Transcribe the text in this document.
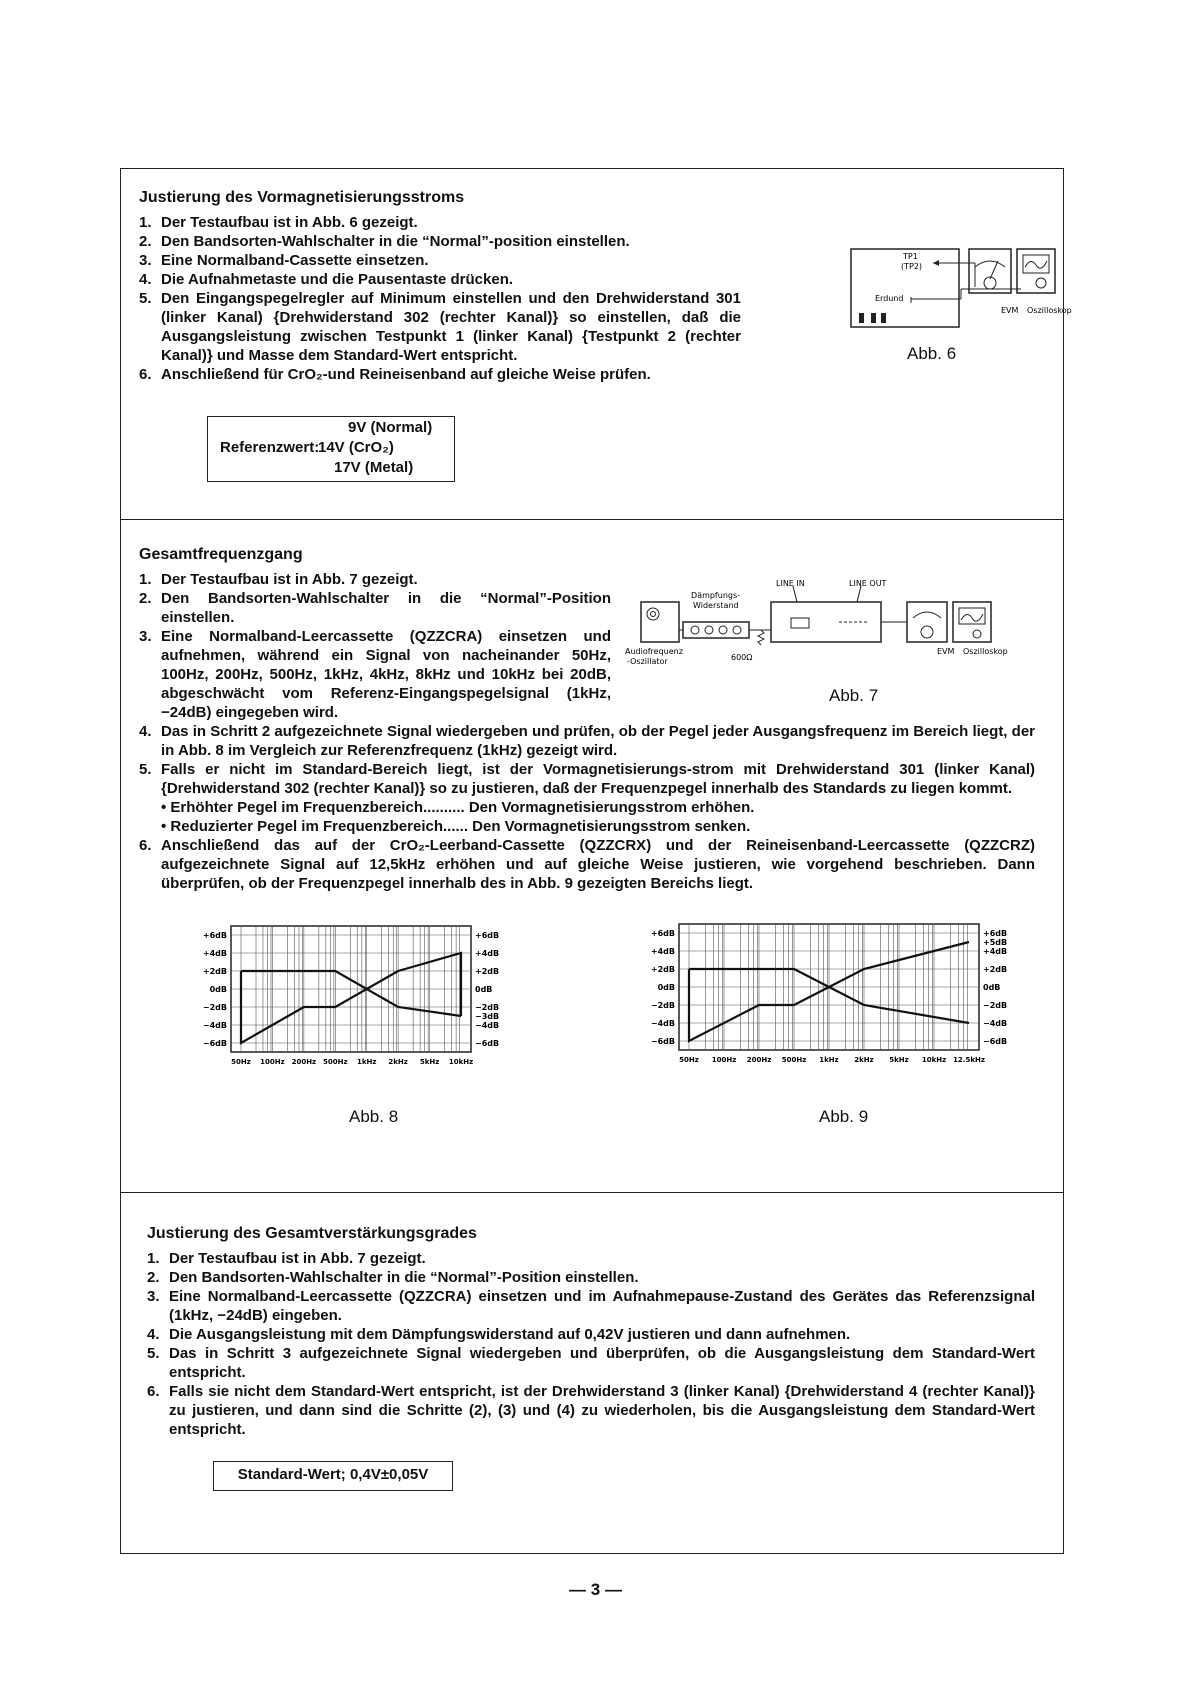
Justierung des Vormagnetisierungsstroms
1. Der Testaufbau ist in Abb. 6 gezeigt.
2. Den Bandsorten-Wahlschalter in die “Normal”-position einstellen.
3. Eine Normalband-Cassette einsetzen.
4. Die Aufnahmetaste und die Pausentaste drücken.
5. Den Eingangspegelregler auf Minimum einstellen und den Drehwiderstand 301 (linker Kanal) {Drehwiderstand 302 (rechter Kanal)} so einstellen, daß die Ausgangsleistung zwischen Testpunkt 1 (linker Kanal) {Testpunkt 2 (rechter Kanal)} und Masse dem Standard-Wert entspricht.
6. Anschließend für CrO₂-und Reineisenband auf gleiche Weise prüfen.
Referenzwert:
9V (Normal)
14V (CrO₂)
17V (Metal)
TP1
(TP2)
Erdund
EVM Oszilloskop
Abb. 6
Gesamtfrequenzgang
1. Der Testaufbau ist in Abb. 7 gezeigt.
2. Den Bandsorten-Wahlschalter in die “Normal”-Position einstellen.
3. Eine Normalband-Leercassette (QZZCRA) einsetzen und aufnehmen, während ein Signal von nacheinander 50Hz, 100Hz, 200Hz, 500Hz, 1kHz, 4kHz, 8kHz und 10kHz bei 20dB, abgeschwächt vom Referenz-Eingangspegelsignal (1kHz, −24dB) eingegeben wird.
4. Das in Schritt 2 aufgezeichnete Signal wiedergeben und prüfen, ob der Pegel jeder Ausgangsfrequenz im Bereich liegt, der in Abb. 8 im Vergleich zur Referenzfrequenz (1kHz) gezeigt wird.
5. Falls er nicht im Standard-Bereich liegt, ist der Vormagnetisierungs-strom mit Drehwiderstand 301 (linker Kanal) {Drehwiderstand 302 (rechter Kanal)} so zu justieren, daß der Frequenzpegel innerhalb des Standards zu liegen kommt.
• Erhöhter Pegel im Frequenzbereich.......... Den Vormagnetisierungsstrom erhöhen.
• Reduzierter Pegel im Frequenzbereich...... Den Vormagnetisierungsstrom senken.
6. Anschließend das auf der CrO₂-Leerband-Cassette (QZZCRX) und der Reineisenband-Leercassette (QZZCRZ) aufgezeichnete Signal auf 12,5kHz erhöhen und auf gleiche Weise justieren, wie vorgehend beschrieben. Dann überprüfen, ob der Frequenzpegel innerhalb des in Abb. 9 gezeigten Bereichs liegt.
LINE IN	LINE OUT
Dämpfungs-
Widerstand
Audiofrequenz
-Oszillator	600Ω
EVM Oszilloskop
Abb. 7
+6dB
+4dB
+2dB
0dB
−2dB
−4dB
−6dB
+6dB
+4dB
+2dB
0dB
−2dB
−3dB
−4dB
−6dB
50Hz 100Hz 200Hz 500Hz 1kHz 2kHz 5kHz 10kHz
Abb. 8
+6dB
+4dB
+2dB
0dB
−2dB
−4dB
−6dB
+6dB
+5dB
+4dB
+2dB
0dB
−2dB
−4dB
−6dB
50Hz 100Hz 200Hz 500Hz 1kHz 2kHz 5kHz 10kHz 12.5kHz
Abb. 9
Justierung des Gesamtverstärkungsgrades
1. Der Testaufbau ist in Abb. 7 gezeigt.
2. Den Bandsorten-Wahlschalter in die “Normal”-Position einstellen.
3. Eine Normalband-Leercassette (QZZCRA) einsetzen und im Aufnahmepause-Zustand des Gerätes das Referenzsignal (1kHz, −24dB) eingeben.
4. Die Ausgangsleistung mit dem Dämpfungswiderstand auf 0,42V justieren und dann aufnehmen.
5. Das in Schritt 3 aufgezeichnete Signal wiedergeben und überprüfen, ob die Ausgangsleistung dem Standard-Wert entspricht.
6. Falls sie nicht dem Standard-Wert entspricht, ist der Drehwiderstand 3 (linker Kanal) {Drehwiderstand 4 (rechter Kanal)} zu justieren, und dann sind die Schritte (2), (3) und (4) zu wiederholen, bis die Ausgangsleistung dem Standard-Wert entspricht.
Standard-Wert; 0,4V±0,05V
— 3 —
